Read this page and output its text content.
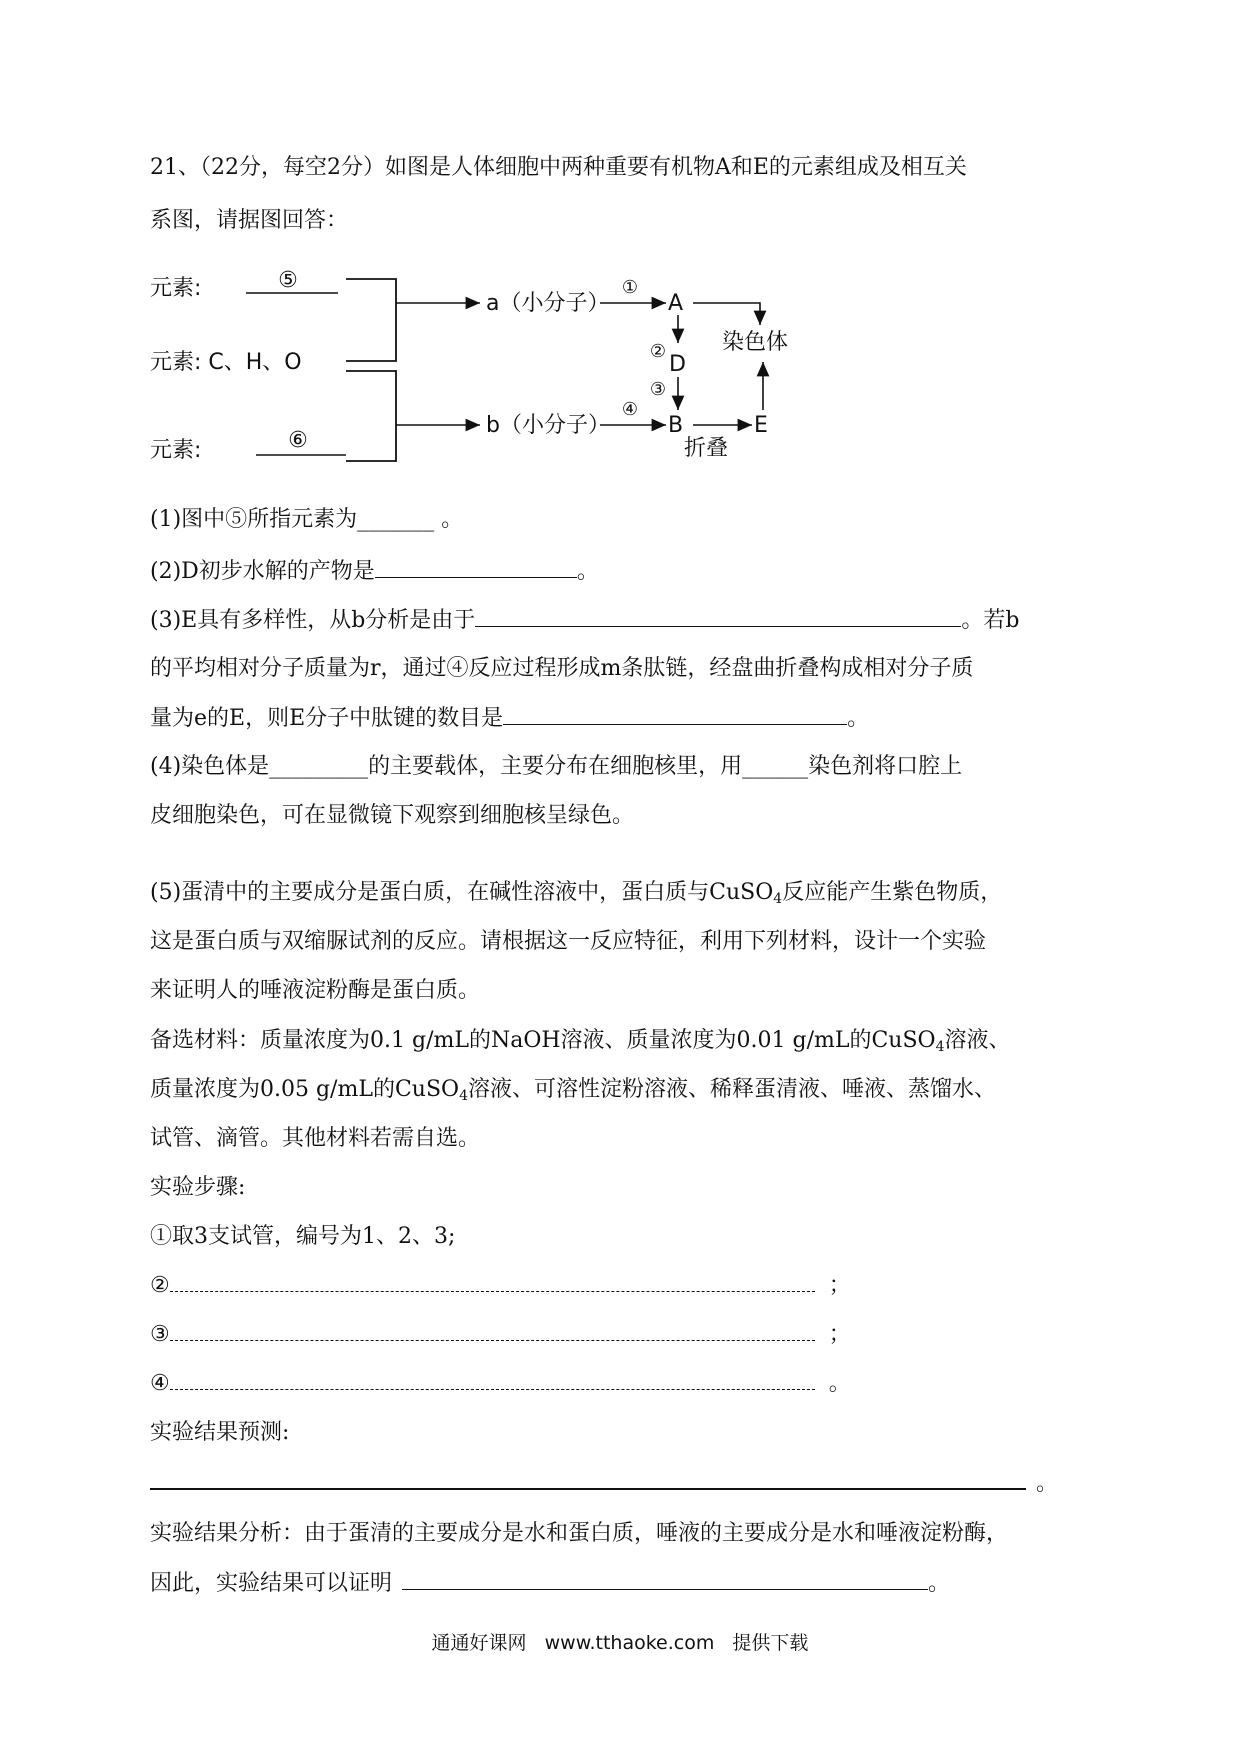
21、（22分，每空2分）如图是人体细胞中两种重要有机物A和E的元素组成及相互关
系图，请据图回答：
元素:	⑤
元素: C、H、O
元素:	⑥
a（小分子）
b（小分子）
①
A
④
B
②
D
③
染色体
折叠
E
(1)图中⑤所指元素为_______ 。
(2)D初步水解的产物是	。
(3)E具有多样性，从b分析是由于	。若b
的平均相对分子质量为r，通过④反应过程形成m条肽链，经盘曲折叠构成相对分子质
量为e的E，则E分子中肽键的数目是	。
(4)染色体是_________的主要载体，主要分布在细胞核里，用______染色剂将口腔上
皮细胞染色，可在显微镜下观察到细胞核呈绿色。
(5)蛋清中的主要成分是蛋白质，在碱性溶液中，蛋白质与CuSO$_4$反应能产生紫色物质，
这是蛋白质与双缩脲试剂的反应。请根据这一反应特征，利用下列材料，设计一个实验
来证明人的唾液淀粉酶是蛋白质。
备选材料：质量浓度为0.1 g/mL的NaOH溶液、质量浓度为0.01 g/mL的CuSO$_4$溶液、
质量浓度为0.05 g/mL的CuSO$_4$溶液、可溶性淀粉溶液、稀释蛋清液、唾液、蒸馏水、
试管、滴管。其他材料若需自选。
实验步骤:
①取3支试管，编号为1、2、3;
②	；
③	；
④	。
实验结果预测:
。
实验结果分析：由于蛋清的主要成分是水和蛋白质，唾液的主要成分是水和唾液淀粉酶，
因此，实验结果可以证明	。
通通好课网 www.tthaoke.com 提供下载
